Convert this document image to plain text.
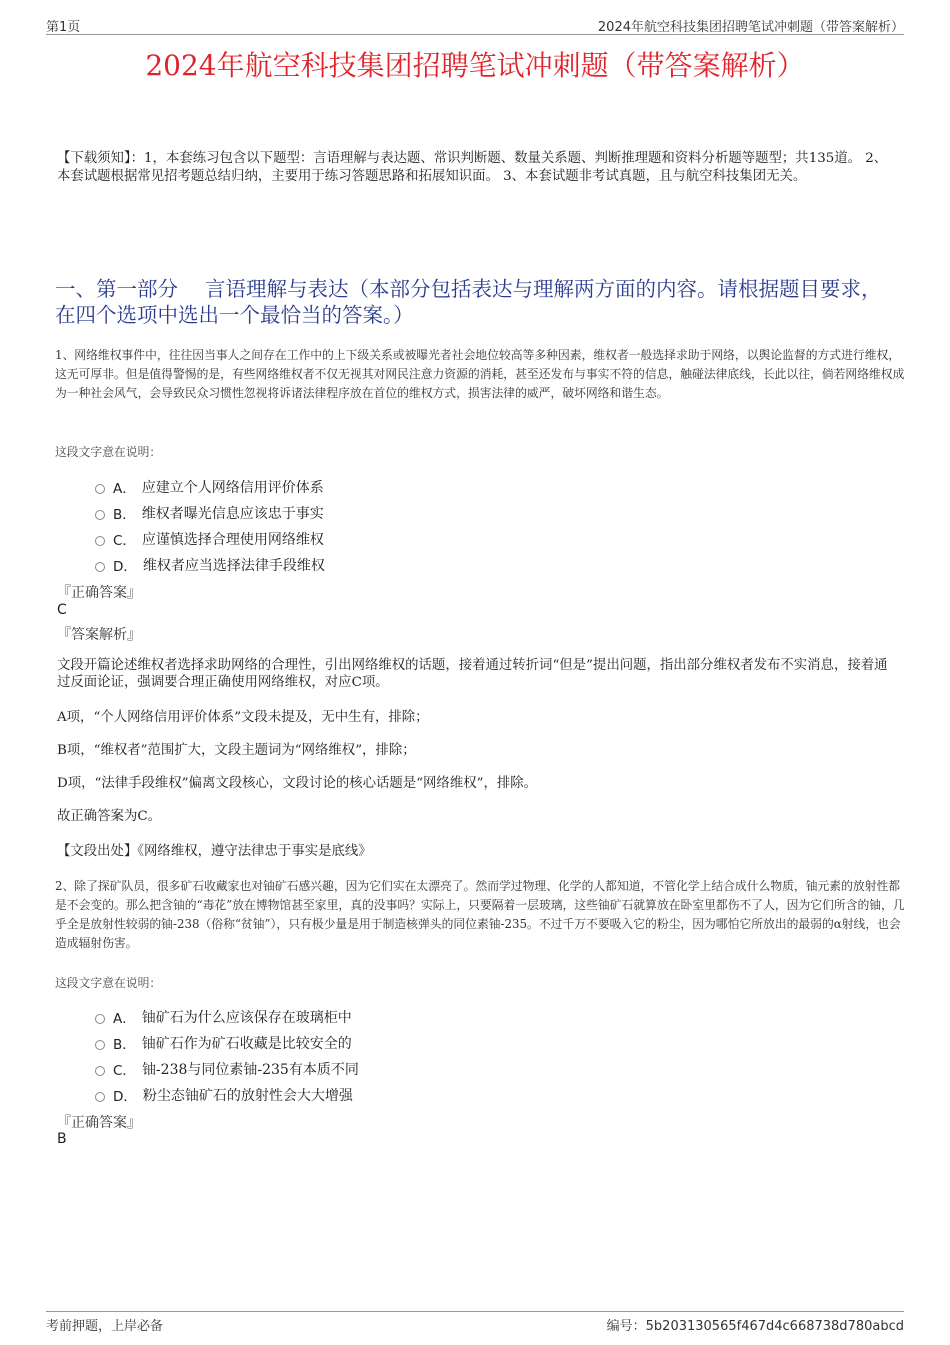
第1页	2024年航空科技集团招聘笔试冲刺题（带答案解析）
2024年航空科技集团招聘笔试冲刺题（带答案解析）
【下载须知】：1，本套练习包含以下题型：言语理解与表达题、常识判断题、数量关系题、判断推理题和资料分析题等题型；共135道。 2、本套试题根据常见招考题总结归纳，主要用于练习答题思路和拓展知识面。 3、本套试题非考试真题，且与航空科技集团无关。
一、第一部分　 言语理解与表达（本部分包括表达与理解两方面的内容。请根据题目要求，在四个选项中选出一个最恰当的答案。）
1、网络维权事件中，往往因当事人之间存在工作中的上下级关系或被曝光者社会地位较高等多种因素，维权者一般选择求助于网络，以舆论监督的方式进行维权，这无可厚非。但是值得警惕的是，有些网络维权者不仅无视其对网民注意力资源的消耗，甚至还发布与事实不符的信息，触碰法律底线，长此以往，倘若网络维权成为一种社会风气，会导致民众习惯性忽视将诉诸法律程序放在首位的维权方式，损害法律的威严，破坏网络和谐生态。
这段文字意在说明：
A． 应建立个人网络信用评价体系
B． 维权者曝光信息应该忠于事实
C． 应谨慎选择合理使用网络维权
D． 维权者应当选择法律手段维权
『正确答案』
C
『答案解析』
文段开篇论述维权者选择求助网络的合理性，引出网络维权的话题，接着通过转折词“但是”提出问题，指出部分维权者发布不实消息，接着通过反面论证，强调要合理正确使用网络维权，对应C项。
A项，“个人网络信用评价体系”文段未提及，无中生有，排除；
B项，“维权者”范围扩大，文段主题词为“网络维权”，排除；
D项，“法律手段维权”偏离文段核心，文段讨论的核心话题是“网络维权”，排除。
故正确答案为C。
【文段出处】《网络维权，遵守法律忠于事实是底线》
2、除了探矿队员，很多矿石收藏家也对铀矿石感兴趣，因为它们实在太漂亮了。然而学过物理、化学的人都知道，不管化学上结合成什么物质，铀元素的放射性都是不会变的。那么把含铀的“毒花”放在博物馆甚至家里，真的没事吗？实际上，只要隔着一层玻璃，这些铀矿石就算放在卧室里都伤不了人，因为它们所含的铀，几乎全是放射性较弱的铀-238（俗称“贫铀”），只有极少量是用于制造核弹头的同位素铀-235。不过千万不要吸入它的粉尘，因为哪怕它所放出的最弱的α射线，也会造成辐射伤害。
这段文字意在说明：
A． 铀矿石为什么应该保存在玻璃柜中
B． 铀矿石作为矿石收藏是比较安全的
C． 铀-238与同位素铀-235有本质不同
D． 粉尘态铀矿石的放射性会大大增强
『正确答案』
B
考前押题，上岸必备	编号：5b203130565f467d4c668738d780abcd
